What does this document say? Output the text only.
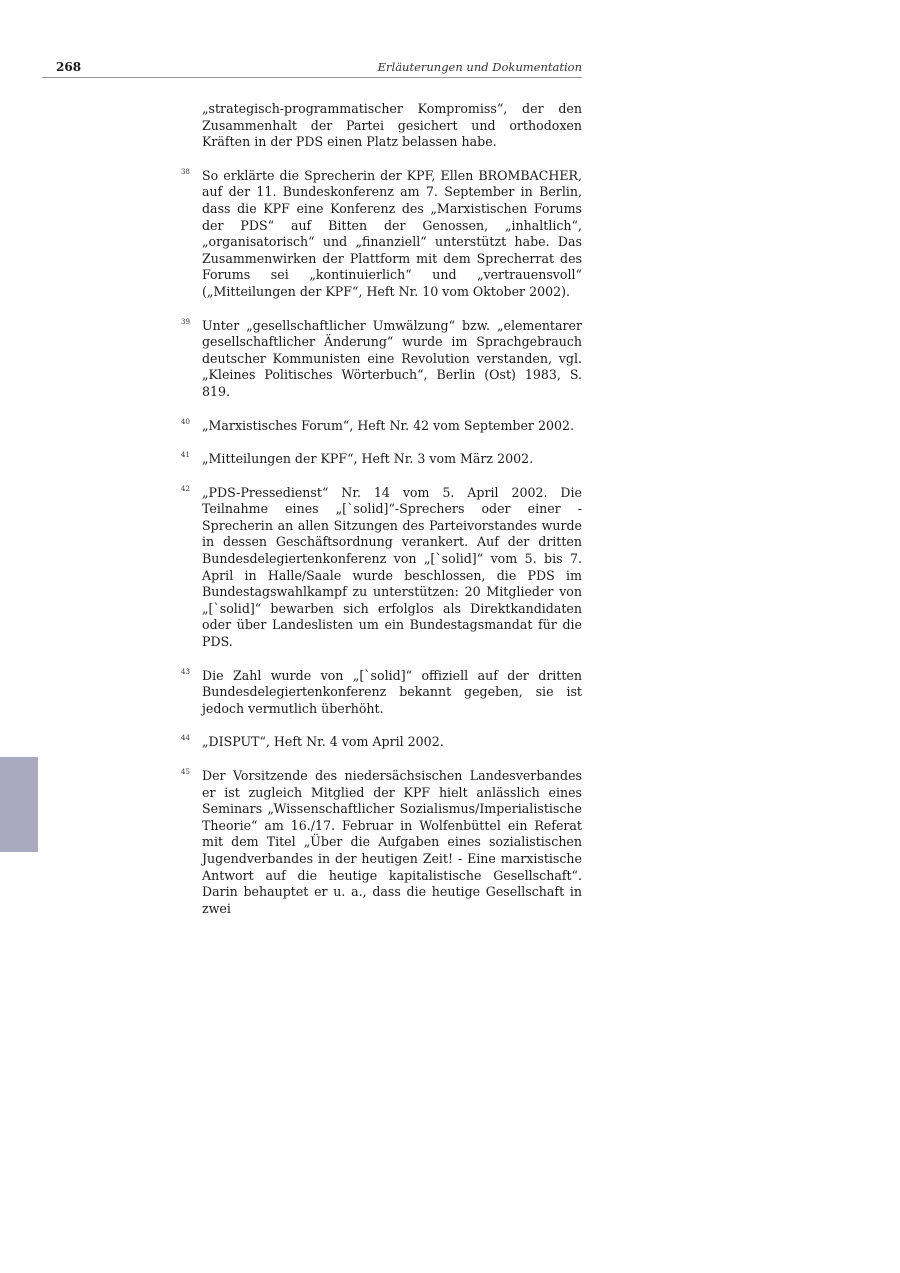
268	Erläuterungen und Dokumentation
„strategisch-programmatischer Kompromiss“, der den Zusammenhalt der Partei gesichert und orthodoxen Kräften in der PDS einen Platz belassen habe.
38 So erklärte die Sprecherin der KPF, Ellen BROMBACHER, auf der 11. Bundeskonferenz am 7. September in Berlin, dass die KPF eine Konferenz des „Marxistischen Forums der PDS“ auf Bitten der Genossen, „inhaltlich“, „organisatorisch“ und „finanziell“ unterstützt habe. Das Zusammenwirken der Plattform mit dem Sprecherrat des Forums sei „kontinuierlich“ und „vertrauensvoll“ („Mitteilungen der KPF“, Heft Nr. 10 vom Oktober 2002).
39 Unter „gesellschaftlicher Umwälzung“ bzw. „elementarer gesellschaftlicher Änderung“ wurde im Sprachgebrauch deutscher Kommunisten eine Revolution verstanden, vgl. „Kleines Politisches Wörterbuch“, Berlin (Ost) 1983, S. 819.
40 „Marxistisches Forum“, Heft Nr. 42 vom September 2002.
41 „Mitteilungen der KPF“, Heft Nr. 3 vom März 2002.
42 „PDS-Pressedienst“ Nr. 14 vom 5. April 2002. Die Teilnahme eines „[`solid]“-Sprechers oder einer -Sprecherin an allen Sitzungen des Parteivorstandes wurde in dessen Geschäftsordnung verankert. Auf der dritten Bundesdelegiertenkonferenz von „[`solid]“ vom 5. bis 7. April in Halle/Saale wurde beschlossen, die PDS im Bundestagswahlkampf zu unterstützen: 20 Mitglieder von „[`solid]“ bewarben sich erfolglos als Direktkandidaten oder über Landeslisten um ein Bundestagsmandat für die PDS.
43 Die Zahl wurde von „[`solid]“ offiziell auf der dritten Bundesdelegiertenkonferenz bekannt gegeben, sie ist jedoch vermutlich überhöht.
44 „DISPUT“, Heft Nr. 4 vom April 2002.
45 Der Vorsitzende des niedersächsischen Landesverbandes er ist zugleich Mitglied der KPF hielt anlässlich eines Seminars „Wissenschaftlicher Sozialismus/Imperialistische Theorie“ am 16./17. Februar in Wolfenbüttel ein Referat mit dem Titel „Über die Aufgaben eines sozialistischen Jugendverbandes in der heutigen Zeit! - Eine marxistische Antwort auf die heutige kapitalistische Gesellschaft“. Darin behauptet er u. a., dass die heutige Gesellschaft in zwei
